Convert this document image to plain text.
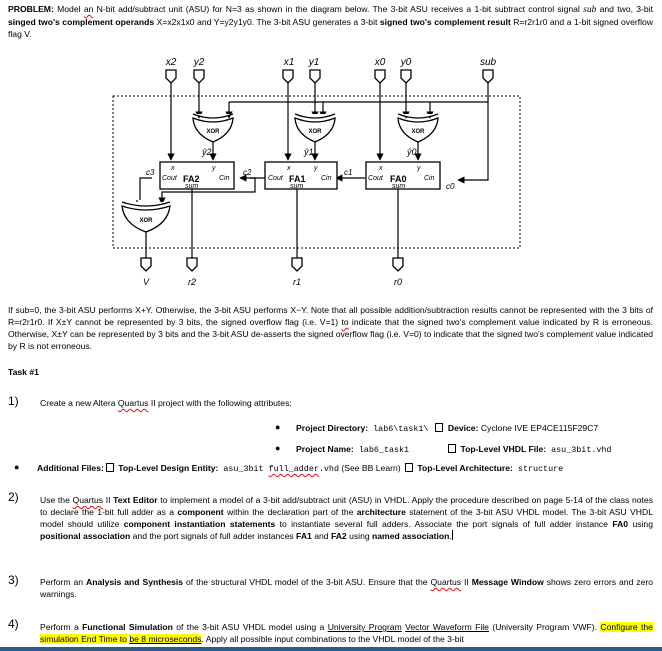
PROBLEM: Model an N-bit add/subtract unit (ASU) for N=3 as shown in the diagram below. The 3-bit ASU receives a 1-bit subtract control signal sub and two, 3-bit singed two's complement operands X=x2x1x0 and Y=y2y1y0. The 3-bit ASU generates a 3-bit signed two's complement result R=r2r1r0 and a 1-bit signed overflow flag V.
x2 y2	x1 y1	x0 y0	sub
XOR	XOR	XOR
XOR
ŷ2	ŷ1	ŷ0
x	y
Cout FA2	Cin
sum
x	y
Cout FA1 Cin
sum
x	y
Cout FA0 Cin
sum
c3	c2	c1
c0
V	r2	r1	r0
If sub=0, the 3-bit ASU performs X+Y. Otherwise, the 3-bit ASU performs X−Y. Note that all possible addition/subtraction results cannot be represented with the 3 bits of R=r2r1r0. If X±Y cannot be represented by 3 bits, the signed overflow flag (i.e. V=1) to indicate that the signed two's complement value indicated by R is erroneous. Otherwise, X±Y can be represented by 3 bits and the 3-bit ASU de-asserts the signed overflow flag (i.e. V=0) to indicate that the signed two's complement value indicated by R is not erroneous.
Task #1
1) Create a new Altera Quartus II project with the following attributes:
● Project Directory: lab6\task1\  Device: Cyclone IVE EP4CE115F29C7
● Project Name: lab6_task1	Top-Level VHDL File: asu_3bit.vhd
● Additional Files: Top-Level Design Entity: asu_3bit full_adder.vhd (See BB Learn)  Top-Level Architecture: structure
2) Use the Quartus II Text Editor to implement a model of a 3-bit add/subtract unit (ASU) in VHDL. Apply the procedure described on page 5-14 of the class notes to declare the 1-bit full adder as a component within the declaration part of the architecture statement of the 3-bit ASU VHDL model. The 3-bit ASU VHDL model should utilize component instantiation statements to instantiate several full adders. Associate the port signals of full adder instance FA0 using positional association and the port signals of full adder instances FA1 and FA2 using named association.
3) Perform an Analysis and Synthesis of the structural VHDL model of the 3-bit ASU. Ensure that the Quartus II Message Window shows zero errors and zero warnings.
4) Perform a Functional Simulation of the 3-bit ASU VHDL model using a University Program Vector Waveform File (University Program VWF). Configure the simulation End Time to be 8 microseconds. Apply all possible input combinations to the VHDL model of the 3-bit
